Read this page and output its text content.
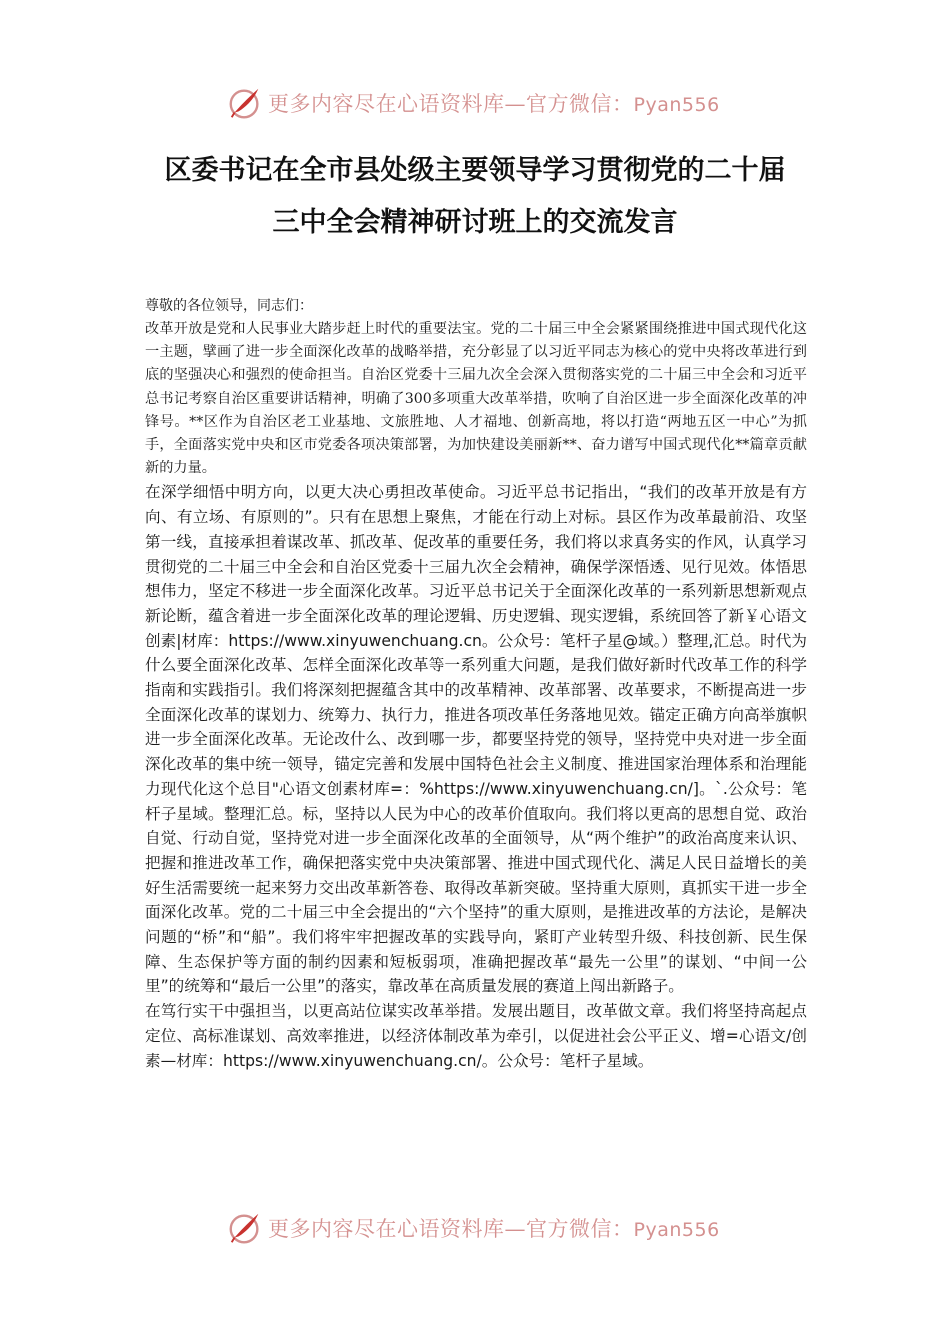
更多内容尽在心语资料库—官方微信：Pyan556
区委书记在全市县处级主要领导学习贯彻党的二十届
三中全会精神研讨班上的交流发言
尊敬的各位领导，同志们：

改革开放是党和人民事业大踏步赶上时代的重要法宝。党的二十届三中全会紧紧围绕推进中国式现代化这一主题，擘画了进一步全面深化改革的战略举措，充分彰显了以习近平同志为核心的党中央将改革进行到底的坚强决心和强烈的使命担当。自治区党委十三届九次全会深入贯彻落实党的二十届三中全会和习近平总书记考察自治区重要讲话精神，明确了300多项重大改革举措，吹响了自治区进一步全面深化改革的冲锋号。**区作为自治区老工业基地、文旅胜地、人才福地、创新高地，将以打造“两地五区一中心”为抓手，全面落实党中央和区市党委各项决策部署，为加快建设美丽新**、奋力谱写中国式现代化**篇章贡献新的力量。

在深学细悟中明方向，以更大决心勇担改革使命。习近平总书记指出，“我们的改革开放是有方向、有立场、有原则的”。只有在思想上聚焦，才能在行动上对标。县区作为改革最前沿、攻坚第一线，直接承担着谋改革、抓改革、促改革的重要任务，我们将以求真务实的作风，认真学习贯彻党的二十届三中全会和自治区党委十三届九次全会精神，确保学深悟透、见行见效。体悟思想伟力，坚定不移进一步全面深化改革。习近平总书记关于全面深化改革的一系列新思想新观点新论断，蕴含着进一步全面深化改革的理论逻辑、历史逻辑、现实逻辑，系统回答了新￥心语文创素|材库：https://www.xinyuwenchuang.cn。公众号：笔杆子星@域。）整理,汇总。时代为什么要全面深化改革、怎样全面深化改革等一系列重大问题，是我们做好新时代改革工作的科学指南和实践指引。我们将深刻把握蕴含其中的改革精神、改革部署、改革要求，不断提高进一步全面深化改革的谋划力、统筹力、执行力，推进各项改革任务落地见效。锚定正确方向高举旗帜进一步全面深化改革。无论改什么、改到哪一步，都要坚持党的领导，坚持党中央对进一步全面深化改革的集中统一领导，锚定完善和发展中国特色社会主义制度、推进国家治理体系和治理能力现代化这个总目"心语文创素材库=：%https://www.xinyuwenchuang.cn/]。`.公众号：笔杆子星域。整理汇总。标，坚持以人民为中心的改革价值取向。我们将以更高的思想自觉、政治自觉、行动自觉，坚持党对进一步全面深化改革的全面领导，从“两个维护”的政治高度来认识、把握和推进改革工作，确保把落实党中央决策部署、推进中国式现代化、满足人民日益增长的美好生活需要统一起来努力交出改革新答卷、取得改革新突破。坚持重大原则，真抓实干进一步全面深化改革。党的二十届三中全会提出的“六个坚持”的重大原则，是推进改革的方法论，是解决问题的“桥”和“船”。我们将牢牢把握改革的实践导向，紧盯产业转型升级、科技创新、民生保障、生态保护等方面的制约因素和短板弱项，准确把握改革“最先一公里”的谋划、“中间一公里”的统筹和“最后一公里”的落实，靠改革在高质量发展的赛道上闯出新路子。

在笃行实干中强担当，以更高站位谋实改革举措。发展出题目，改革做文章。我们将坚持高起点定位、高标准谋划、高效率推进，以经济体制改革为牵引，以促进社会公平正义、增=心语文/创素—材库：https://www.xinyuwenchuang.cn/。公众号：笔杆子星域。

更多内容尽在心语资料库—官方微信：Pyan556
